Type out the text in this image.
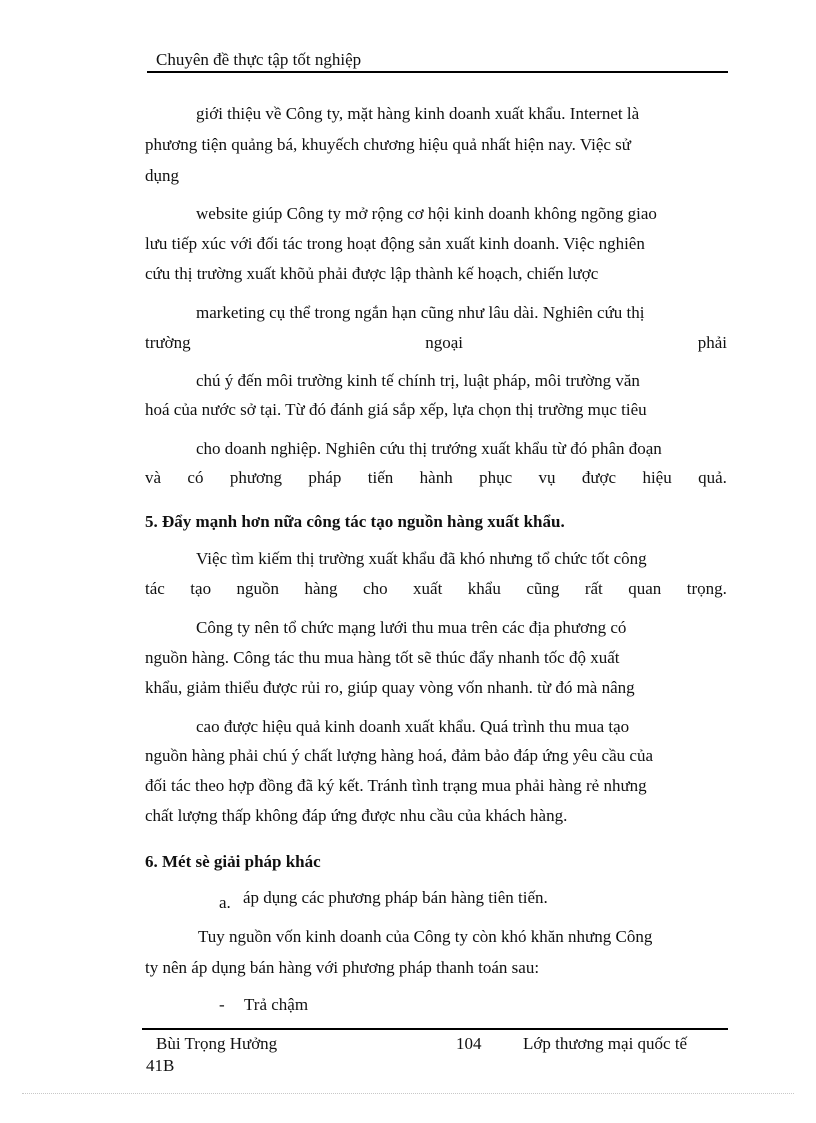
Chuyên đề thực tập tốt nghiệp
giới thiệu về Công ty, mặt hàng kinh doanh xuất khẩu. Internet là
phương tiện quảng bá, khuyếch chương hiệu quả nhất hiện nay. Việc sử
dụng
website giúp Công ty mở rộng cơ hội kinh doanh không ngõng giao
lưu tiếp xúc với đối tác trong hoạt động sản xuất kinh doanh. Việc nghiên
cứu thị trường xuất khõủ phải được lập thành kế hoạch, chiến lược
marketing cụ thể trong ngắn hạn cũng như lâu dài. Nghiên cứu thị
trường	ngoại	phải
chú ý đến môi trường kinh tế chính trị, luật pháp, môi trường văn
hoá của nước sở tại. Từ đó đánh giá sắp xếp, lựa chọn thị trường mục tiêu
cho doanh nghiệp. Nghiên cứu thị trướng xuất khẩu từ đó phân đoạn
và có phương pháp tiến hành phục vụ được hiệu quả.
5. Đẩy mạnh hơn nữa công tác tạo nguồn hàng xuất khẩu.
Việc tìm kiếm thị trường xuất khẩu đã khó nhưng tổ chức tốt công
tác tạo nguồn hàng cho xuất khẩu cũng rất quan trọng.
Công ty nên tổ chức mạng lưới thu mua trên các địa phương có
nguồn hàng. Công tác thu mua hàng tốt sẽ thúc đẩy nhanh tốc độ xuất
khẩu, giảm thiểu được rủi ro, giúp quay vòng vốn nhanh. từ đó mà nâng
cao được hiệu quả kinh doanh xuất khẩu. Quá trình thu mua tạo
nguồn hàng phải chú ý chất lượng hàng hoá, đảm bảo đáp ứng yêu cầu của
đối tác theo hợp đồng đã ký kết. Tránh tình trạng mua phải hàng rẻ nhưng
chất lượng thấp không đáp ứng được nhu cầu của khách hàng.
6. Mét sè giải pháp khác
a. áp dụng các phương pháp bán hàng tiên tiến.
Tuy nguồn vốn kinh doanh của Công ty còn khó khăn nhưng Công
ty nên áp dụng bán hàng với phương pháp thanh toán sau:
- Trả chậm
Bùi Trọng Hưởng	104 Lớp thương mại quốc tế
41B
